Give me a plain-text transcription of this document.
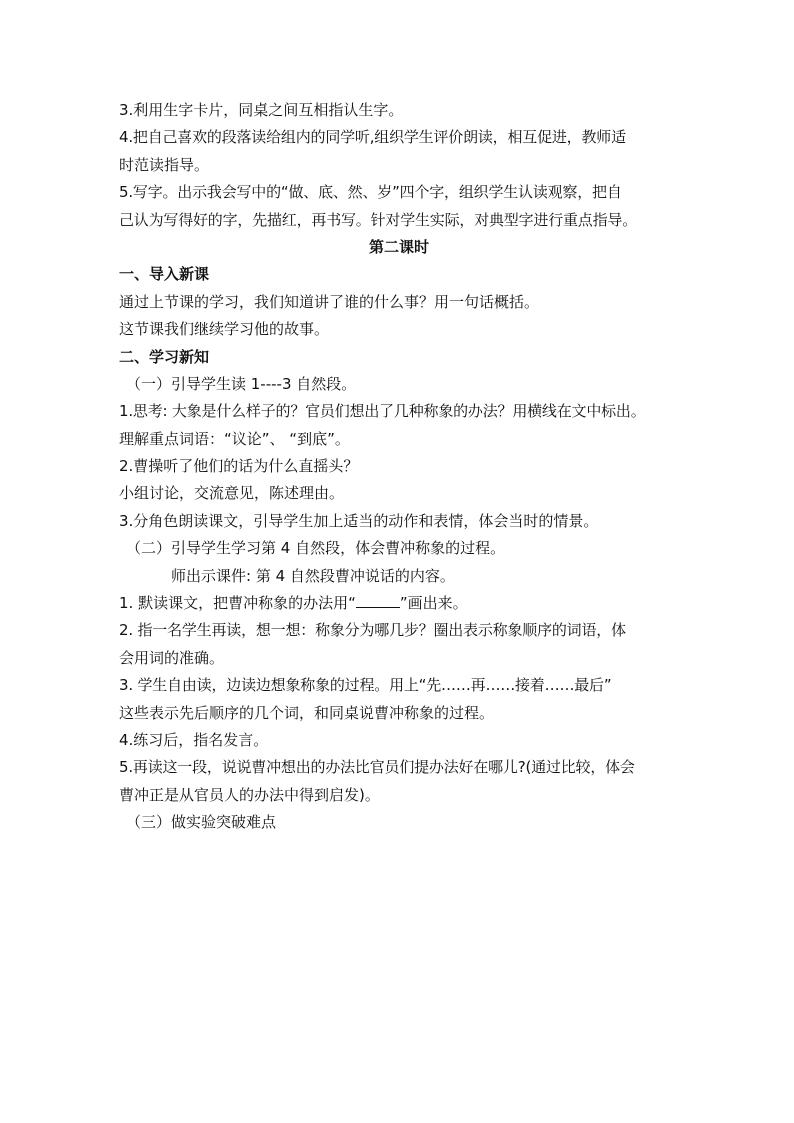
3.利用生字卡片，同桌之间互相指认生字。
4.把自己喜欢的段落读给组内的同学听,组织学生评价朗读，相互促进，教师适
时范读指导。
5.写字。出示我会写中的“做、底、然、岁”四个字，组织学生认读观察，把自
己认为写得好的字，先描红，再书写。针对学生实际，对典型字进行重点指导。
第二课时
一、导入新课
通过上节课的学习，我们知道讲了谁的什么事？用一句话概括。
这节课我们继续学习他的故事。
二、学习新知
（一）引导学生读 1----3 自然段。
1.思考: 大象是什么样子的？官员们想出了几种称象的办法？用横线在文中标出。
理解重点词语：“议论”、 “到底”。
2.曹操听了他们的话为什么直摇头？
小组讨论，交流意见，陈述理由。
3.分角色朗读课文，引导学生加上适当的动作和表情，体会当时的情景。
（二）引导学生学习第 4 自然段，体会曹冲称象的过程。
师出示课件: 第 4 自然段曹冲说话的内容。
1. 默读课文，把曹冲称象的办法用“	”画出来。
2. 指一名学生再读，想一想：称象分为哪几步？圈出表示称象顺序的词语，体
会用词的准确。
3. 学生自由读，边读边想象称象的过程。用上“先……再……接着……最后”
这些表示先后顺序的几个词，和同桌说曹冲称象的过程。
4.练习后，指名发言。
5.再读这一段，说说曹冲想出的办法比官员们提办法好在哪儿?(通过比较，体会
曹冲正是从官员人的办法中得到启发)。
（三）做实验突破难点
